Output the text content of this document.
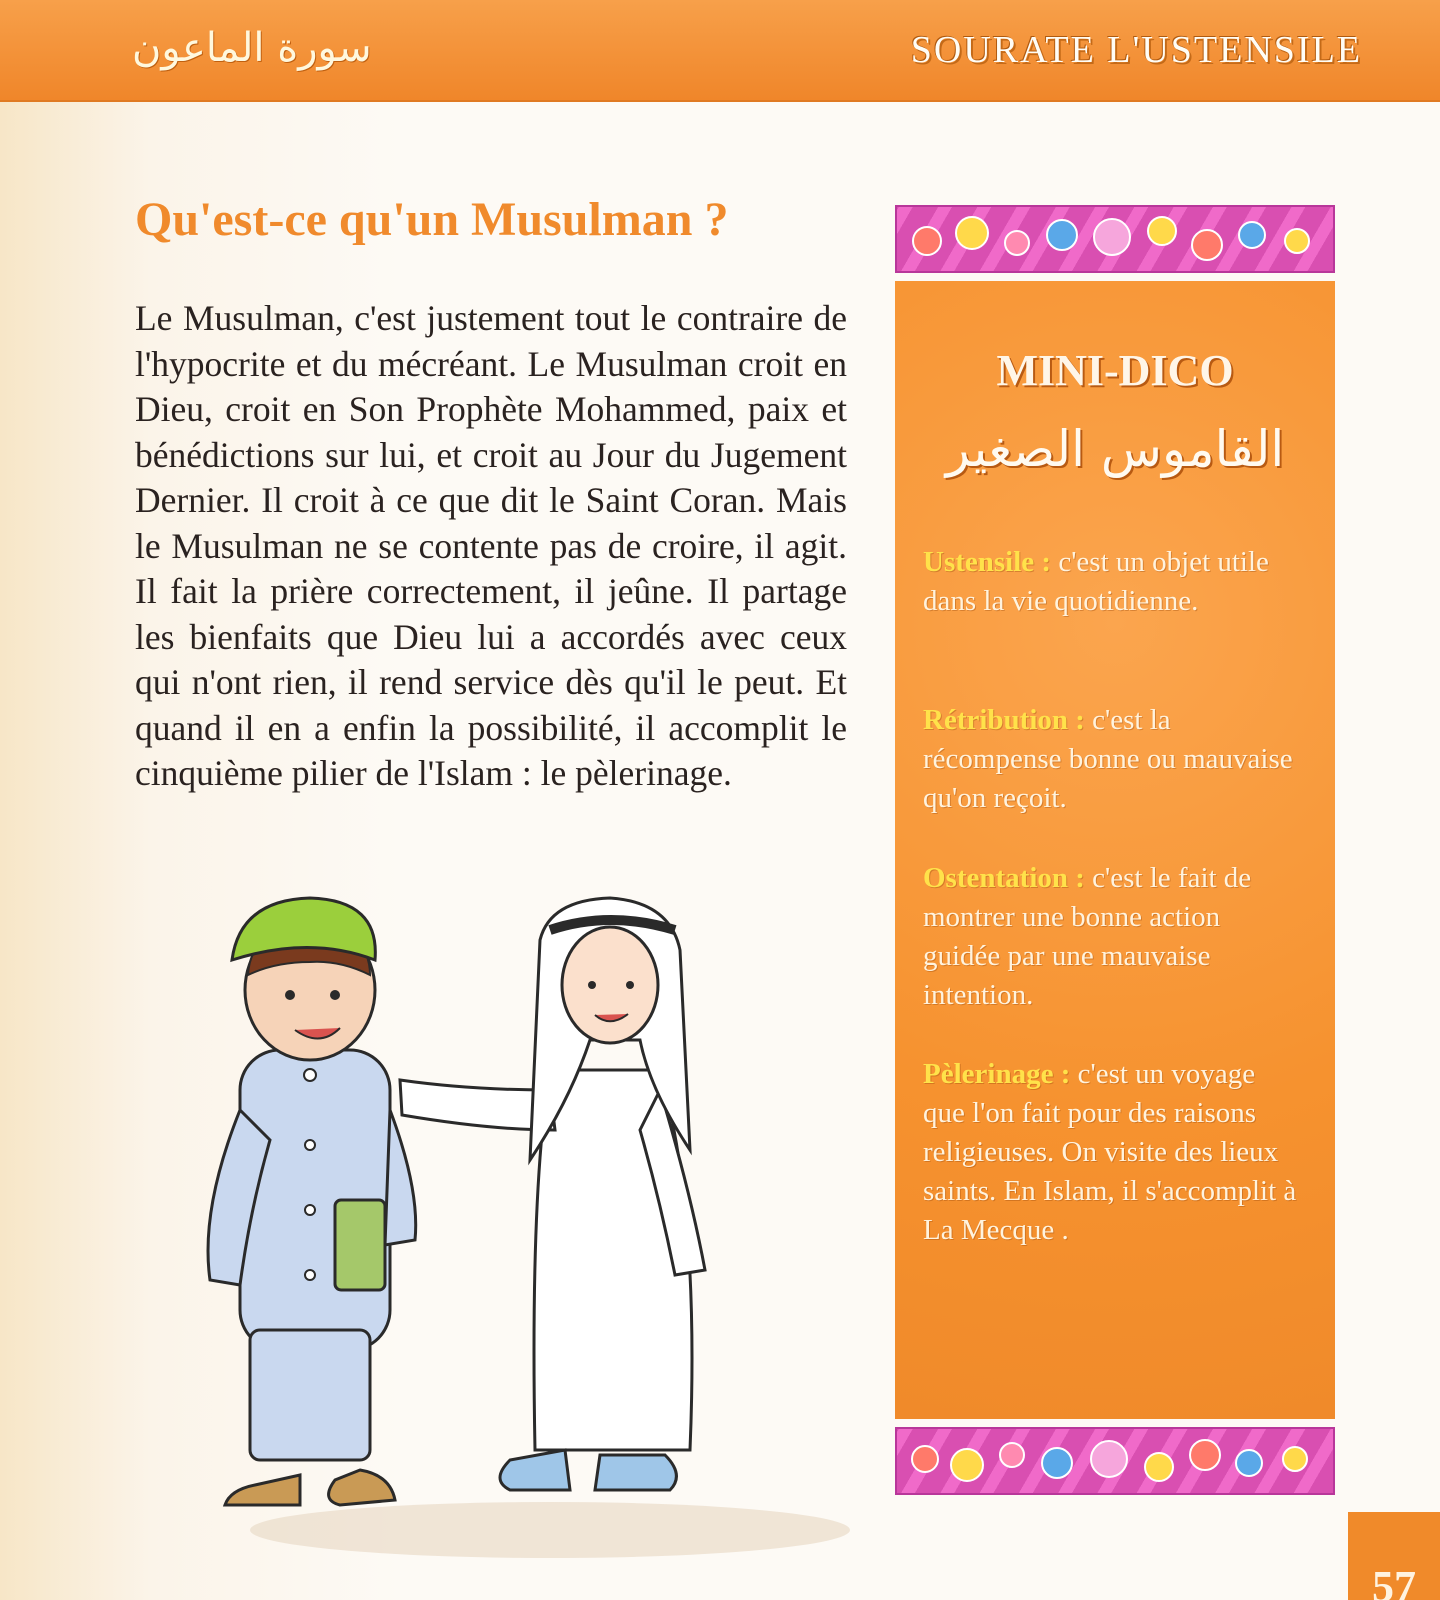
سورة الماعون	SOURATE L'USTENSILE
Qu'est-ce qu'un Musulman ?

Le Musulman, c'est justement tout le contraire de l'hypocrite et du mécréant. Le Musulman croit en Dieu, croit en Son Prophète Mohammed, paix et bénédictions sur lui, et croit au Jour du Jugement Dernier. Il croit à ce que dit le Saint Coran. Mais le Musulman ne se contente pas de croire, il agit. Il fait la prière correctement, il jeûne. Il partage les bienfaits que Dieu lui a accordés avec ceux qui n'ont rien, il rend service dès qu'il le peut. Et quand il en a enfin la possibilité, il accomplit le cinquième pilier de l'Islam : le pèlerinage.

MINI-DICO
القاموس الصغير

Ustensile : c'est un objet utile dans la vie quotidienne.

Rétribution : c'est la récompense bonne ou mauvaise qu'on reçoit.

Ostentation : c'est le fait de montrer une bonne action guidée par une mauvaise intention.

Pèlerinage : c'est un voyage que l'on fait pour des raisons religieuses. On visite des lieux saints. En Islam, il s'accomplit à La Mecque .

57
